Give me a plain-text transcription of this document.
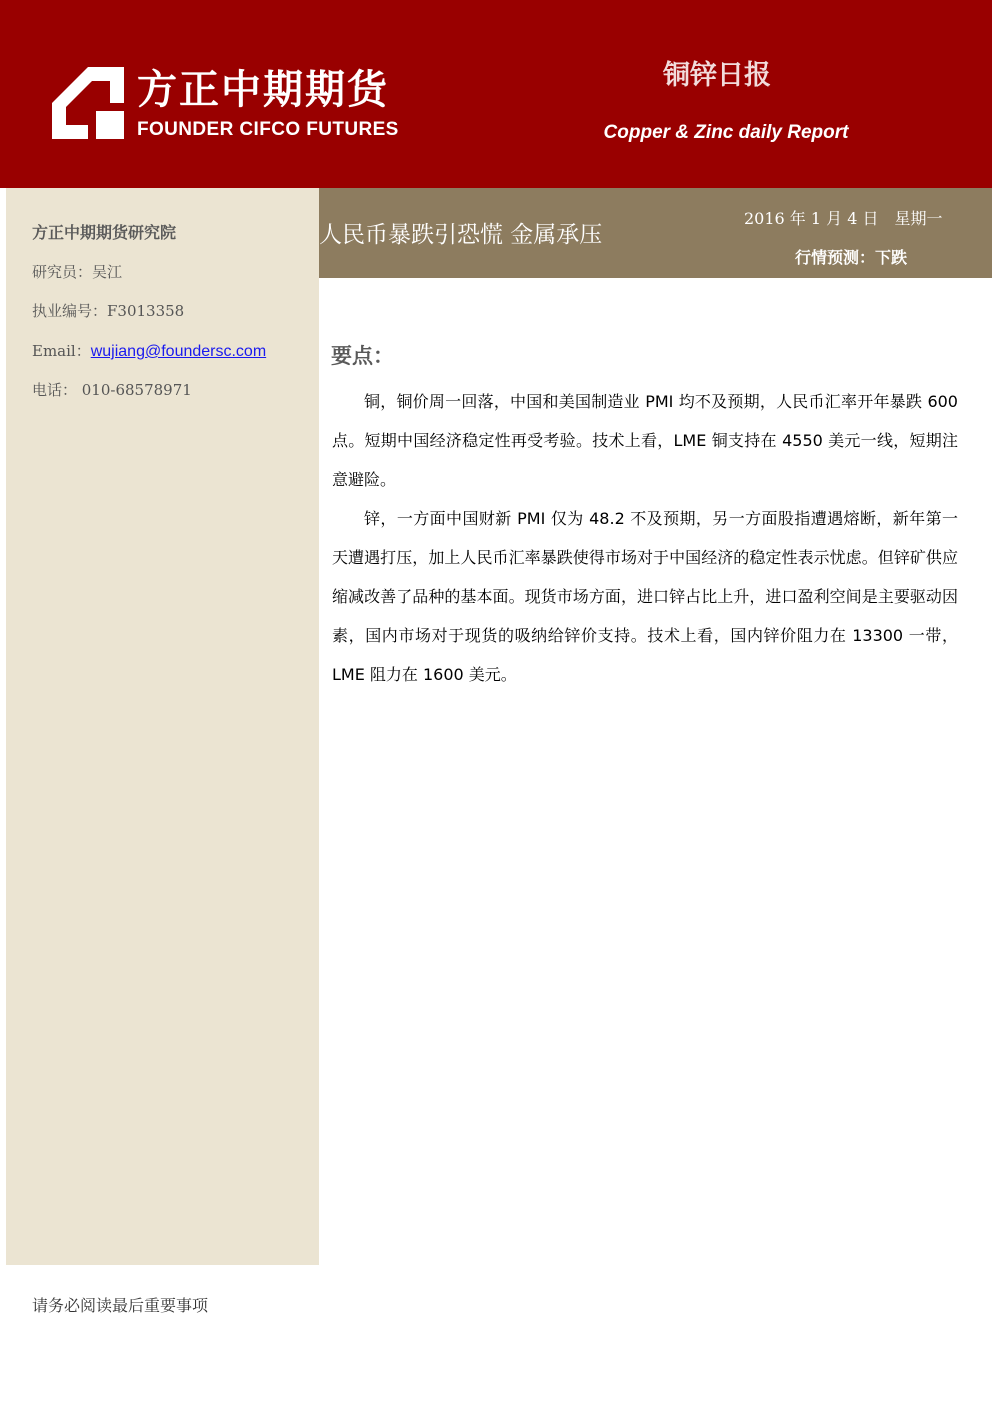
方正中期期货
FOUNDER CIFCO FUTURES
铜锌日报
Copper & Zinc daily Report
方正中期期货研究院
研究员：吴江
执业编号：F3013358
Email：wujiang@foundersc.com
电话： 010-68578971
人民币暴跌引恐慌 金属承压
2016 年 1 月 4 日　星期一
行情预测：下跌
要点：

铜，铜价周一回落，中国和美国制造业 PMI 均不及预期，人民币汇率开年暴跌 600 点。短期中国经济稳定性再受考验。技术上看，LME 铜支持在 4550 美元一线，短期注意避险。

锌，一方面中国财新 PMI 仅为 48.2 不及预期，另一方面股指遭遇熔断，新年第一天遭遇打压，加上人民币汇率暴跌使得市场对于中国经济的稳定性表示忧虑。但锌矿供应缩减改善了品种的基本面。现货市场方面，进口锌占比上升，进口盈利空间是主要驱动因素，国内市场对于现货的吸纳给锌价支持。技术上看，国内锌价阻力在 13300 一带，LME 阻力在 1600 美元。

请务必阅读最后重要事项
